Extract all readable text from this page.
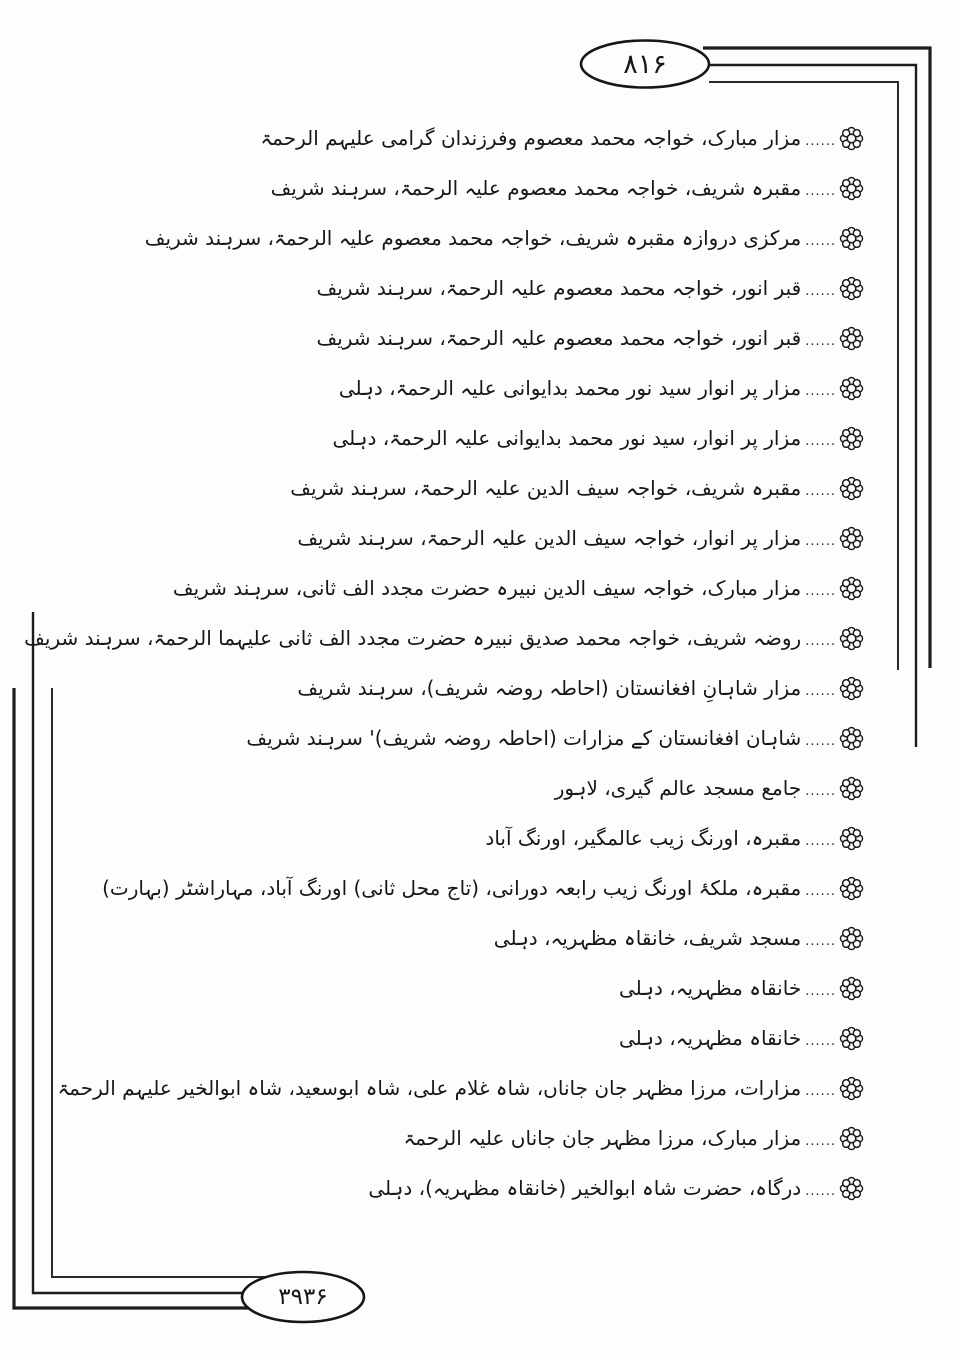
۸۱۶
۳۹۳۶
......
مزار مبارک، خواجہ محمد معصوم وفرزندان گرامی علیہم الرحمۃ
......
مقبرہ شریف، خواجہ محمد معصوم علیہ الرحمۃ، سرہند شریف
......
مرکزی دروازہ مقبرہ شریف، خواجہ محمد معصوم علیہ الرحمۃ، سرہند شریف
......
قبر انور، خواجہ محمد معصوم علیہ الرحمۃ، سرہند شریف
......
قبر انور، خواجہ محمد معصوم علیہ الرحمۃ، سرہند شریف
......
مزار پر انوار سید نور محمد بدایوانی علیہ الرحمۃ، دہلی
......
مزار پر انوار، سید نور محمد بدایوانی علیہ الرحمۃ، دہلی
......
مقبرہ شریف، خواجہ سیف الدین علیہ الرحمۃ، سرہند شریف
......
مزار پر انوار، خواجہ سیف الدین علیہ الرحمۃ، سرہند شریف
......
مزار مبارک، خواجہ سیف الدین نبیرہ حضرت مجدد الف ثانی، سرہند شریف
......
روضہ شریف، خواجہ محمد صدیق نبیرہ حضرت مجدد الف ثانی علیہما الرحمۃ، سرہند شریف
......
مزار شاہانِ افغانستان (احاطہ روضہ شریف)، سرہند شریف
......
شاہان افغانستان کے مزارات (احاطہ روضہ شریف)' سرہند شریف
......
جامع مسجد عالم گیری، لاہور
......
مقبرہ، اورنگ زیب عالمگیر، اورنگ آباد
......
مقبرہ، ملکۂ اورنگ زیب رابعہ دورانی، (تاج محل ثانی) اورنگ آباد، مہاراشٹر (بہارت)
......
مسجد شریف، خانقاہ مظہریہ، دہلی
......
خانقاہ مظہریہ، دہلی
......
خانقاہ مظہریہ، دہلی
......
مزارات، مرزا مظہر جان جاناں، شاہ غلام علی، شاہ ابوسعید، شاہ ابوالخیر علیہم الرحمۃ
......
مزار مبارک، مرزا مظہر جان جاناں علیہ الرحمۃ
......
درگاہ، حضرت شاہ ابوالخیر (خانقاہ مظہریہ)، دہلی
